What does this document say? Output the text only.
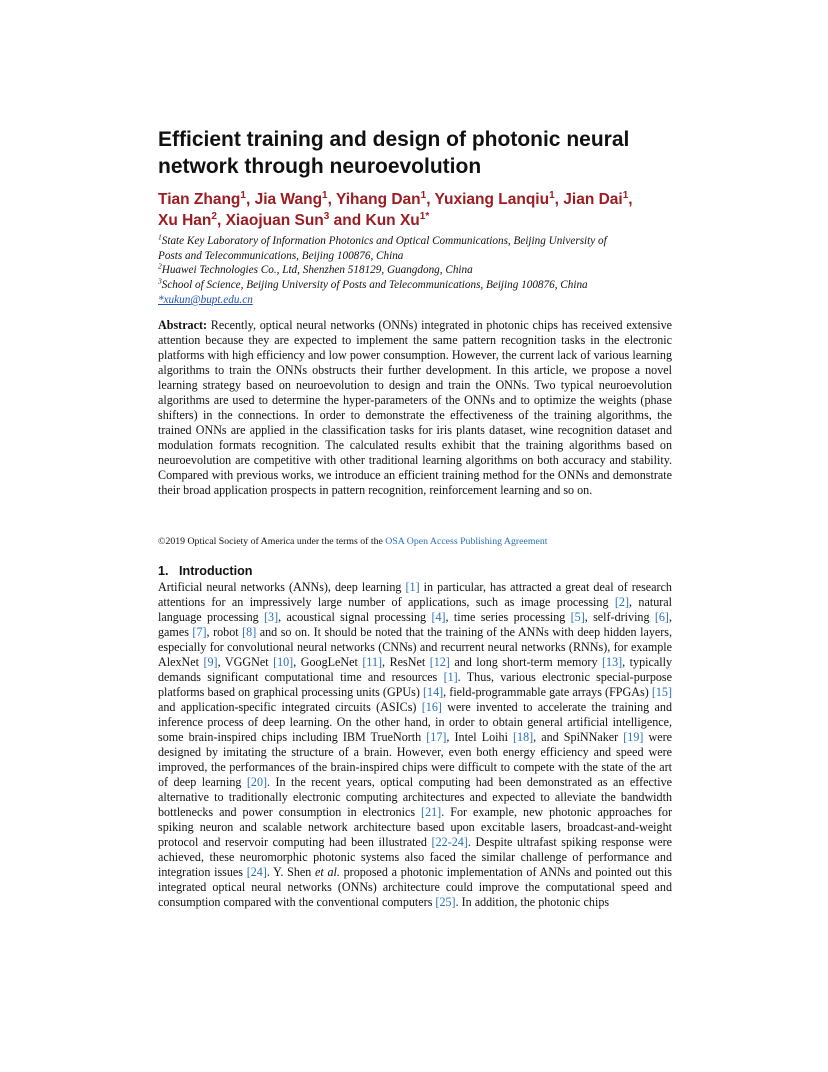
Efficient training and design of photonic neural network through neuroevolution

Tian Zhang$^1$, Jia Wang$^1$, Yihang Dan$^1$, Yuxiang Lanqiu$^1$, Jian Dai$^1$,
Xu Han$^2$, Xiaojuan Sun$^3$ and Kun $Xu^{1*}$

$^1$State Key Laboratory of Information Photonics and Optical Communications, Beijing University of
Posts and Telecommunications, Beijing 100876, China
$^2$Huawei Technologies Co., Ltd, Shenzhen 518129, Guangdong, China
$^3$School of Science, Beijing University of Posts and Telecommunications, Beijing 100876, China
*xukun@bupt.edu.cn

Abstract: Recently, optical neural networks (ONNs) integrated in photonic chips has received extensive attention because they are expected to implement the same pattern recognition tasks in the electronic platforms with high efficiency and low power consumption. However, the current lack of various learning algorithms to train the ONNs obstructs their further development. In this article, we propose a novel learning strategy based on neuroevolution to design and train the ONNs. Two typical neuroevolution algorithms are used to determine the hyper-parameters of the ONNs and to optimize the weights (phase shifters) in the connections. In order to demonstrate the effectiveness of the training algorithms, the trained ONNs are applied in the classification tasks for iris plants dataset, wine recognition dataset and modulation formats recognition. The calculated results exhibit that the training algorithms based on neuroevolution are competitive with other traditional learning algorithms on both accuracy and stability. Compared with previous works, we introduce an efficient training method for the ONNs and demonstrate their broad application prospects in pattern recognition, reinforcement learning and so on.

©2019 Optical Society of America under the terms of the OSA Open Access Publishing Agreement

1. Introduction

Artificial neural networks (ANNs), deep learning [1] in particular, has attracted a great deal of research attentions for an impressively large number of applications, such as image processing [2], natural language processing [3], acoustical signal processing [4], time series processing [5], self-driving [6], games [7], robot [8] and so on. It should be noted that the training of the ANNs with deep hidden layers, especially for convolutional neural networks (CNNs) and recurrent neural networks (RNNs), for example AlexNet [9], VGGNet [10], GoogLeNet [11], ResNet [12] and long short-term memory [13], typically demands significant computational time and resources [1]. Thus, various electronic special-purpose platforms based on graphical processing units (GPUs) [14], field-programmable gate arrays (FPGAs) [15] and application-specific integrated circuits (ASICs) [16] were invented to accelerate the training and inference process of deep learning. On the other hand, in order to obtain general artificial intelligence, some brain-inspired chips including IBM TrueNorth [17], Intel Loihi [18], and SpiNNaker [19] were designed by imitating the structure of a brain. However, even both energy efficiency and speed were improved, the performances of the brain-inspired chips were difficult to compete with the state of the art of deep learning [20]. In the recent years, optical computing had been demonstrated as an effective alternative to traditionally electronic computing architectures and expected to alleviate the bandwidth bottlenecks and power consumption in electronics [21]. For example, new photonic approaches for spiking neuron and scalable network architecture based upon excitable lasers, broadcast-and-weight protocol and reservoir computing had been illustrated [22-24]. Despite ultrafast spiking response were achieved, these neuromorphic photonic systems also faced the similar challenge of performance and integration issues [24]. Y. Shen et al. proposed a photonic implementation of ANNs and pointed out this integrated optical neural networks (ONNs) architecture could improve the computational speed and consumption compared with the conventional computers [25]. In addition, the photonic chips
